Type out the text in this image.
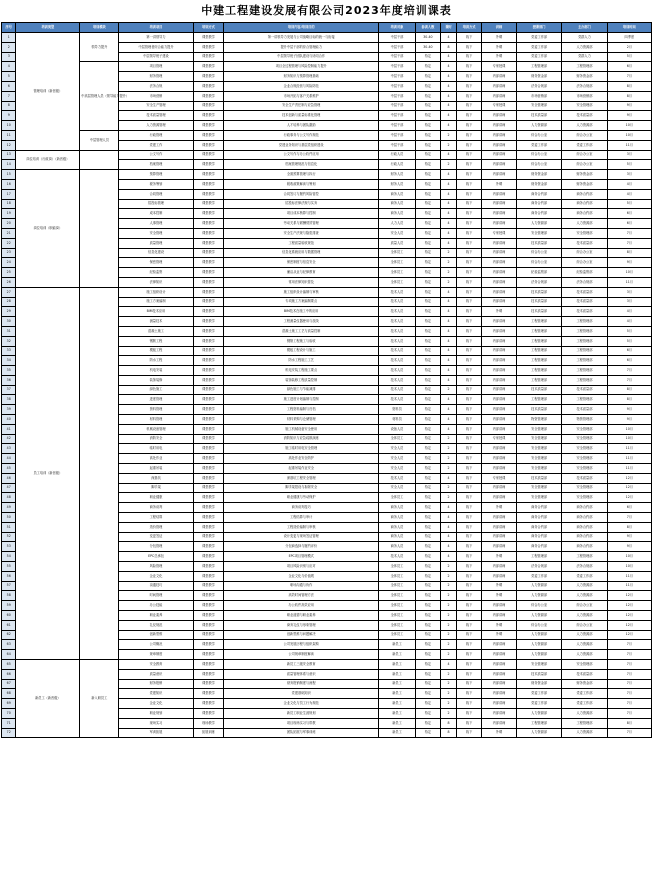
中建工程建设发展有限公司2023年度培训课表
序号	培训类型	培训模块	培训项目	培训方式	培训内容/培训目的	培训对象	参训人数	课时	培训方式	讲师	授课部门	主办部门	培训时间
1	管理培训（新晋级）	领导力提升	第一讲领导力	课堂教学	第一讲领导力发展与公司战略目标的统一与衔接	中层干部	30-40	4	线下	外聘	党委工作部	党群人力	四季度
2			中层管理者综合能力提升	课堂教学	提升中层干部的综合管理能力	中层干部	30-40	8	线下	外聘	党委工作部	人力资源部	2月
3			中层领导班子建设	课堂教学	中层领导班子团队建设与协同合作	中层干部	待定	4	线下	外聘	党委工作部	党群人力	5月
4		中高层管理人员（领导能力提升）	项目管理	课堂教学	项目全过程管理与风险控制能力提升	中层干部	待定	4	线下	专家授课	工程管理部	工程管理部	6月
5			财务管理	课堂教学	财务知识与预算管理基础	中层干部	待定	4	线下	内部讲师	财务资金部	财务资金部	7月
6			法务合规	课堂教学	企业合规经营与风险防范	中层干部	待定	4	线下	内部讲师	法务合规部	法务合规部	8月
7			市场营销	课堂教学	市场开拓与客户关系维护	中层干部	待定	4	线下	内部讲师	市场营销部	市场营销部	8月
8			安全生产管理	课堂教学	安全生产责任制与应急管理	中层干部	待定	4	线下	专家授课	安全管理部	安全管理部	9月
9			技术质量管理	课堂教学	技术创新与质量标准化管理	中层干部	待定	4	线下	内部讲师	技术质量部	技术质量部	9月
10			人力资源管理	课堂教学	人才培养与团队激励	中层干部	待定	4	线下	内部讲师	人力资源部	人力资源部	10月
11		中层管理人员	行政管理	课堂教学	行政事务与公文写作规范	中层干部	待定	2	线下	内部讲师	综合办公室	综合办公室	10月
12			党建工作	课堂教学	党建业务知识与基层党组织建设	中层干部	待定	2	线下	内部讲师	党委工作部	党委工作部	11月
13	岗位培训（行政岗）（新晋级）		公文写作	课堂教学	公文写作与办公软件应用	行政人员	待定	4	线下	内部讲师	综合办公室	综合办公室	3月
14			档案管理	课堂教学	档案管理规范与信息化	行政人员	待定	2	线下	内部讲师	综合办公室	综合办公室	5月
15	岗位培训（职能岗）		预算管理	课堂教学	全面预算管理与执行	财务人员	待定	4	线下	内部讲师	财务资金部	财务资金部	3月
16			税务筹划	课堂教学	税收政策解读与筹划	财务人员	待定	4	线下	外聘	财务资金部	财务资金部	4月
17			合同管理	课堂教学	合同签订与履约风险管控	商务人员	待定	4	线下	内部讲师	商务合约部	商务合约部	4月
18			招投标管理	课堂教学	招投标法律法规与实务	商务人员	待定	4	线下	内部讲师	商务合约部	商务合约部	5月
19			成本控制	课堂教学	项目成本核算与控制	商务人员	待定	4	线下	内部讲师	商务合约部	商务合约部	6月
20			人事管理	课堂教学	劳动关系与薪酬绩效管理	人力人员	待定	4	线下	内部讲师	人力资源部	人力资源部	6月
21			安全管理	课堂教学	安全生产法规与隐患排查	安全人员	待定	4	线下	专家授课	安全管理部	安全管理部	7月
22			质量管理	课堂教学	工程质量验收规范	质量人员	待定	4	线下	内部讲师	技术质量部	技术质量部	7月
23			信息化建设	课堂教学	信息化系统应用与数据管理	全体员工	待定	2	线下	内部讲师	综合办公室	综合办公室	8月
24			保密管理	课堂教学	保密制度与信息安全	全体员工	待定	2	线下	内部讲师	综合办公室	综合办公室	9月
25			纪检监察	课堂教学	廉洁从业与纪律教育	全体员工	待定	2	线下	内部讲师	纪检监察部	纪检监察部	10月
26			法律知识	课堂教学	常用法律知识普及	全体员工	待定	2	线下	内部讲师	法务合规部	法务合规部	11月
27	员工培训（新晋级）		施工组织设计	课堂教学	施工组织设计编制与审核	技术人员	待定	4	线下	内部讲师	技术质量部	技术质量部	3月
28			施工方案编制	课堂教学	专项施工方案编制要点	技术人员	待定	4	线下	内部讲师	技术质量部	技术质量部	3月
29			BIM技术应用	课堂教学	BIM技术在施工中的应用	技术人员	待定	4	线下	外聘	技术质量部	技术质量部	4月
30			测量技术	课堂教学	工程测量仪器使用与放线	技术人员	待定	4	线下	内部讲师	工程管理部	工程管理部	4月
31			混凝土施工	课堂教学	混凝土施工工艺与质量控制	技术人员	待定	4	线下	内部讲师	工程管理部	工程管理部	5月
32			钢筋工程	课堂教学	钢筋工程施工与验收	技术人员	待定	4	线下	内部讲师	工程管理部	工程管理部	5月
33			模板工程	课堂教学	模板工程设计与施工	技术人员	待定	4	线下	内部讲师	工程管理部	工程管理部	6月
34			防水工程	课堂教学	防水工程施工工艺	技术人员	待定	4	线下	内部讲师	工程管理部	工程管理部	6月
35			机电安装	课堂教学	机电安装工程施工要点	技术人员	待定	4	线下	内部讲师	工程管理部	工程管理部	7月
36			装饰装修	课堂教学	装饰装修工程质量控制	技术人员	待定	4	线下	内部讲师	工程管理部	工程管理部	7月
37			绿色施工	课堂教学	绿色施工与节能减排	技术人员	待定	2	线下	内部讲师	技术质量部	技术质量部	8月
38			进度管理	课堂教学	施工进度计划编制与控制	技术人员	待定	4	线下	内部讲师	工程管理部	工程管理部	8月
39			资料管理	课堂教学	工程资料编制与归档	资料员	待定	4	线下	内部讲师	技术质量部	技术质量部	9月
40			材料管理	课堂教学	材料采购与仓储管理	材料员	待定	4	线下	内部讲师	物资管理部	物资管理部	9月
41			机械设备管理	课堂教学	施工机械设备安全使用	设备人员	待定	4	线下	内部讲师	安全管理部	安全管理部	10月
42			消防安全	课堂教学	消防知识与应急疏散演练	全体员工	待定	2	线下	专家授课	安全管理部	安全管理部	10月
43			临时用电	课堂教学	施工临时用电安全管理	安全人员	待定	2	线下	内部讲师	安全管理部	安全管理部	11月
44			高处作业	课堂教学	高处作业安全防护	安全人员	待定	2	线下	内部讲师	安全管理部	安全管理部	11月
45			起重吊装	课堂教学	起重吊装作业安全	安全人员	待定	2	线下	内部讲师	安全管理部	安全管理部	11月
46			深基坑	课堂教学	深基坑工程安全管理	技术人员	待定	4	线下	专家授课	技术质量部	技术质量部	12月
47			脚手架	课堂教学	脚手架搭设与拆除安全	安全人员	待定	2	线下	内部讲师	安全管理部	安全管理部	12月
48			职业健康	课堂教学	职业健康与劳动保护	全体员工	待定	2	线下	内部讲师	安全管理部	安全管理部	12月
49			商务谈判	课堂教学	商务谈判技巧	商务人员	待定	4	线下	外聘	商务合约部	商务合约部	6月
50			工程结算	课堂教学	工程结算与审计	商务人员	待定	4	线下	内部讲师	商务合约部	商务合约部	7月
51			造价管理	课堂教学	工程造价编制与审核	商务人员	待定	4	线下	内部讲师	商务合约部	商务合约部	8月
52			变更签证	课堂教学	设计变更与现场签证管理	商务人员	待定	4	线下	内部讲师	商务合约部	商务合约部	9月
53			分包管理	课堂教学	分包商选择与履约评价	商务人员	待定	4	线下	内部讲师	商务合约部	商务合约部	9月
54			EPC总承包	课堂教学	EPC项目管理模式	技术人员	待定	4	线下	外聘	工程管理部	工程管理部	10月
55			风险管理	课堂教学	项目风险识别与应对	全体员工	待定	2	线下	内部讲师	法务合规部	法务合规部	10月
56			企业文化	课堂教学	企业文化与价值观	全体员工	待定	2	线下	内部讲师	党委工作部	党委工作部	11月
57			沟通技巧	课堂教学	职场沟通与协作	全体员工	待定	2	线下	外聘	人力资源部	人力资源部	11月
58			时间管理	课堂教学	高效时间管理方法	全体员工	待定	2	线下	外聘	人力资源部	人力资源部	12月
59			办公技能	课堂教学	办公软件高效应用	全体员工	待定	2	线下	内部讲师	综合办公室	综合办公室	12月
60			职业素养	课堂教学	职业道德与职业素养	全体员工	待定	2	线下	内部讲师	人力资源部	人力资源部	12月
61			礼仪规范	课堂教学	商务礼仪与形象管理	全体员工	待定	2	线下	外聘	综合办公室	综合办公室	12月
62			创新思维	课堂教学	创新思维与问题解决	全体员工	待定	2	线下	外聘	人力资源部	人力资源部	12月
63			公司概况	课堂教学	公司发展历程与组织架构	新员工	待定	2	线下	内部讲师	人力资源部	人力资源部	7月
64			规章制度	课堂教学	公司规章制度解读	新员工	待定	2	线下	内部讲师	人力资源部	人力资源部	7月
65	新员工（新晋级）	新入职员工	安全教育	课堂教学	新员工三级安全教育	新员工	待定	4	线下	内部讲师	安全管理部	安全管理部	7月
66			质量意识	课堂教学	质量管理体系与意识	新员工	待定	2	线下	内部讲师	技术质量部	技术质量部	7月
67			财务报销	课堂教学	财务报销制度与流程	新员工	待定	2	线下	内部讲师	财务资金部	财务资金部	7月
68			党建知识	课堂教学	党建基础知识	新员工	待定	2	线下	内部讲师	党委工作部	党委工作部	7月
69			企业文化	课堂教学	企业文化与员工行为规范	新员工	待定	2	线下	内部讲师	党委工作部	党委工作部	7月
70			职业规划	课堂教学	新员工职业生涯规划	新员工	待定	2	线下	内部讲师	人力资源部	人力资源部	7月
71			现场实习	现场教学	项目现场实习与带教	新员工	待定	8	线下	内部讲师	工程管理部	工程管理部	8月
72			军训拓展	拓展训练	团队拓展与军事训练	新员工	待定	8	线下	外聘	人力资源部	人力资源部	7月
